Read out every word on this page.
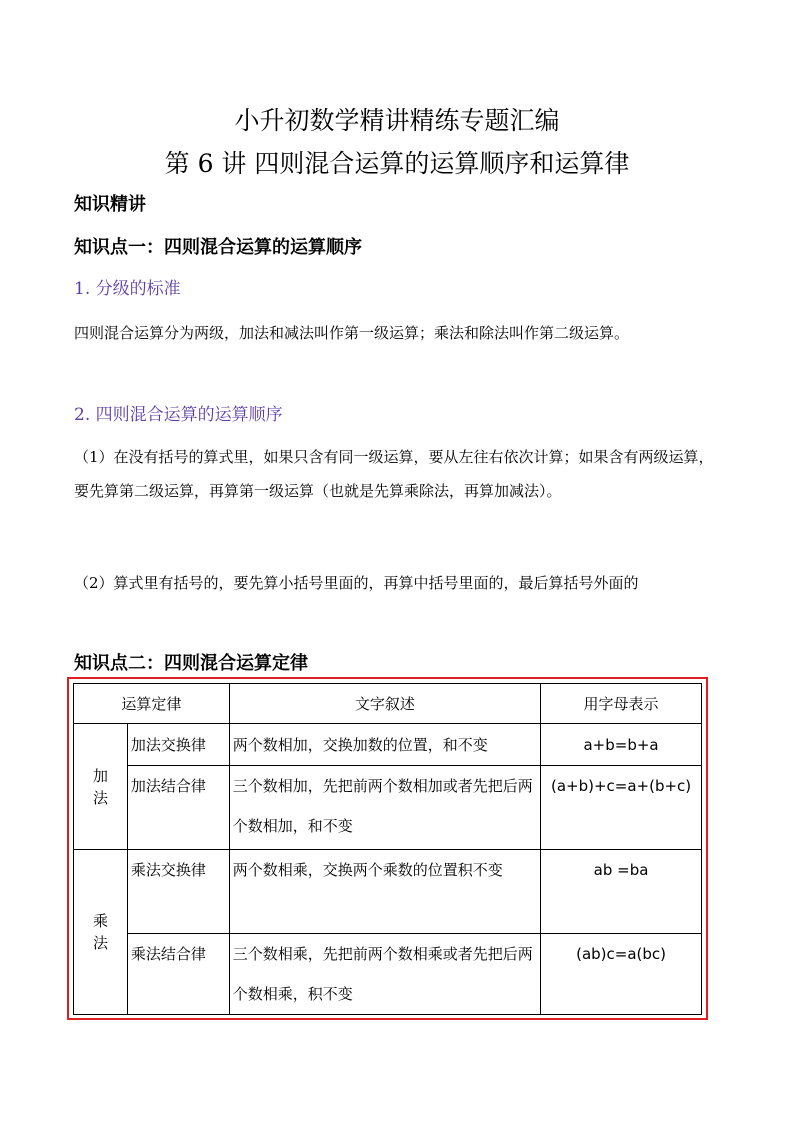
小升初数学精讲精练专题汇编
第 6 讲 四则混合运算的运算顺序和运算律
知识精讲
知识点一：四则混合运算的运算顺序
1. 分级的标准
四则混合运算分为两级，加法和减法叫作第一级运算；乘法和除法叫作第二级运算。
2. 四则混合运算的运算顺序
（1）在没有括号的算式里，如果只含有同一级运算，要从左往右依次计算；如果含有两级运算，要先算第二级运算，再算第一级运算（也就是先算乘除法，再算加减法）。
（2）算式里有括号的，要先算小括号里面的，再算中括号里面的，最后算括号外面的
知识点二：四则混合运算定律
运算定律		文字叙述	用字母表示
加法	加法交换律	两个数相加，交换加数的位置，和不变	a+b=b+a
	加法结合律	三个数相加，先把前两个数相加或者先把后两个数相加，和不变	(a+b)+c=a+(b+c)
乘法	乘法交换律	两个数相乘，交换两个乘数的位置积不变	ab =ba
	乘法结合律	三个数相乘，先把前两个数相乘或者先把后两个数相乘，积不变	(ab)c=a(bc)
